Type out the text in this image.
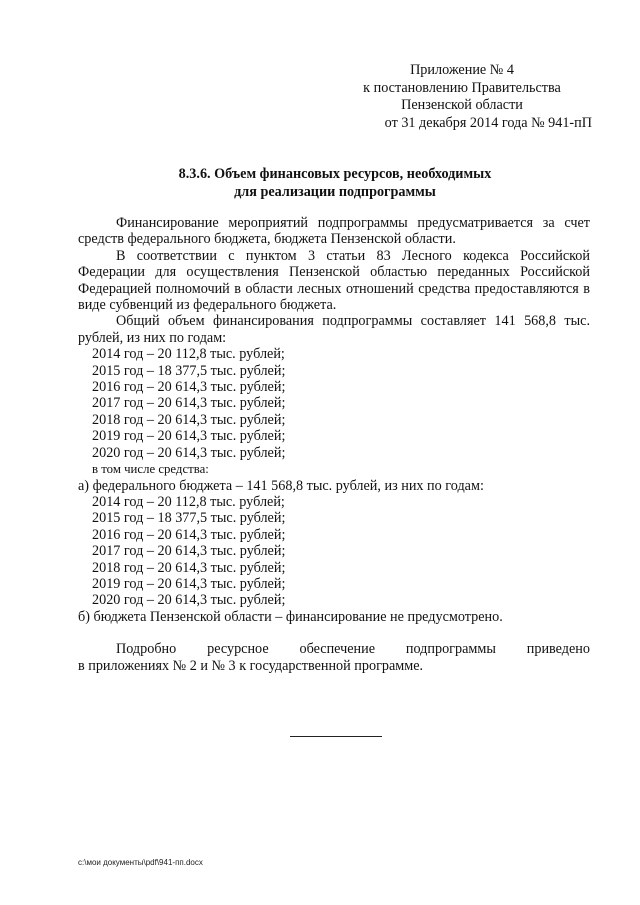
Приложение № 4
к постановлению Правительства
Пензенской области
от 31 декабря 2014 года № 941-пП
8.3.6. Объем финансовых ресурсов, необходимых
для реализации подпрограммы

Финансирование мероприятий подпрограммы предусматривается за счет средств федерального бюджета, бюджета Пензенской области.

В соответствии с пунктом 3 статьи 83 Лесного кодекса Российской Федерации для осуществления Пензенской областью переданных Российской Федерацией полномочий в области лесных отношений средства предоставляются в виде субвенций из федерального бюджета.

Общий объем финансирования подпрограммы составляет 141 568,8 тыс. рублей, из них по годам:

2014 год – 20 112,8 тыс. рублей;
2015 год – 18 377,5 тыс. рублей;
2016 год – 20 614,3 тыс. рублей;
2017 год – 20 614,3 тыс. рублей;
2018 год – 20 614,3 тыс. рублей;
2019 год – 20 614,3 тыс. рублей;
2020 год – 20 614,3 тыс. рублей;
в том числе средства:
а) федерального бюджета – 141 568,8 тыс. рублей, из них по годам:
2014 год – 20 112,8 тыс. рублей;
2015 год – 18 377,5 тыс. рублей;
2016 год – 20 614,3 тыс. рублей;
2017 год – 20 614,3 тыс. рублей;
2018 год – 20 614,3 тыс. рублей;
2019 год – 20 614,3 тыс. рублей;
2020 год – 20 614,3 тыс. рублей;
б) бюджета Пензенской области – финансирование не предусмотрено.
Подробно ресурсное обеспечение подпрограммы приведено
в приложениях № 2 и № 3 к государственной программе.
c:\мои документы\pdf\941-пп.docx
